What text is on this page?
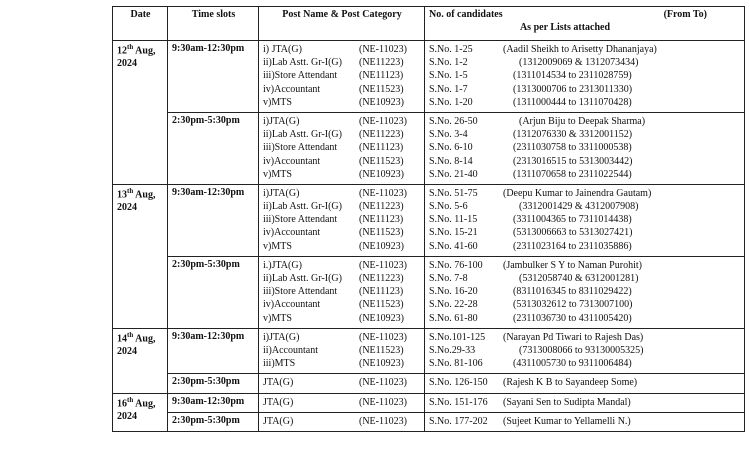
Date	Time slots	Post Name & Post Category	No. of candidates (From To)
As per Lists attached

12th Aug,
2024	9:30am-12:30pm	i) JTA(G) (NE-11023)
ii)Lab Astt. Gr-I(G) (NE11223)
iii)Store Attendant (NE11123)
iv)Accountant (NE11523)
v)MTS (NE10923)	S.No. 1-25 (Aadil Sheikh to Arisetty Dhananjaya)
S.No. 1-2 (1312009069 & 1312073434)
S.No. 1-5 (1311014534 to 2311028759)
S.No. 1-7 (1313000706 to 2313011330)
S.No. 1-20 (1311000444 to 1311070428)

	2:30pm-5:30pm	i)JTA(G) (NE-11023)
ii)Lab Astt. Gr-I(G) (NE11223)
iii)Store Attendant (NE11123)
iv)Accountant (NE11523)
v)MTS (NE10923)	S.No. 26-50 (Arjun Biju to Deepak Sharma)
S.No. 3-4 (1312076330 & 3312001152)
S.No. 6-10 (2311030758 to 3311000538)
S.No. 8-14 (2313016515 to 5313003442)
S.No. 21-40 (1311070658 to 2311022544)

13th Aug,
2024	9:30am-12:30pm	i)JTA(G) (NE-11023)
ii)Lab Astt. Gr-I(G) (NE11223)
iii)Store Attendant (NE11123)
iv)Accountant (NE11523)
v)MTS (NE10923)	S.No. 51-75 (Deepu Kumar to Jainendra Gautam)
S.No. 5-6 (3312001429 & 4312007908)
S.No. 11-15 (3311004365 to 7311014438)
S.No. 15-21 (5313006663 to 5313027421)
S.No. 41-60 (2311023164 to 2311035886)

	2:30pm-5:30pm	i.)JTA(G) (NE-11023)
ii)Lab Astt. Gr-I(G) (NE11223)
iii)Store Attendant (NE11123)
iv)Accountant (NE11523)
v)MTS (NE10923)	S.No. 76-100 (Jambulker S Y to Naman Purohit)
S.No. 7-8 (5312058740 & 6312001281)
S.No. 16-20 (8311016345 to 8311029422)
S.No. 22-28 (5313032612 to 7313007100)
S.No. 61-80 (2311036730 to 4311005420)

14th Aug,
2024	9:30am-12:30pm	i)JTA(G) (NE-11023)
ii)Accountant (NE11523)
iii)MTS (NE10923)	S.No.101-125 (Narayan Pd Tiwari to Rajesh Das)
S.No.29-33 (7313008066 to 93130005325)
S.No. 81-106 (4311005730 to 9311006484)

	2:30pm-5:30pm	JTA(G) (NE-11023)	S.No. 126-150 (Rajesh K B to Sayandeep Some)

16th Aug,
2024	9:30am-12:30pm	JTA(G) (NE-11023)	S.No. 151-176 (Sayani Sen to Sudipta Mandal)

	2:30pm-5:30pm	JTA(G) (NE-11023)	S.No. 177-202 (Sujeet Kumar to Yellamelli N.)
